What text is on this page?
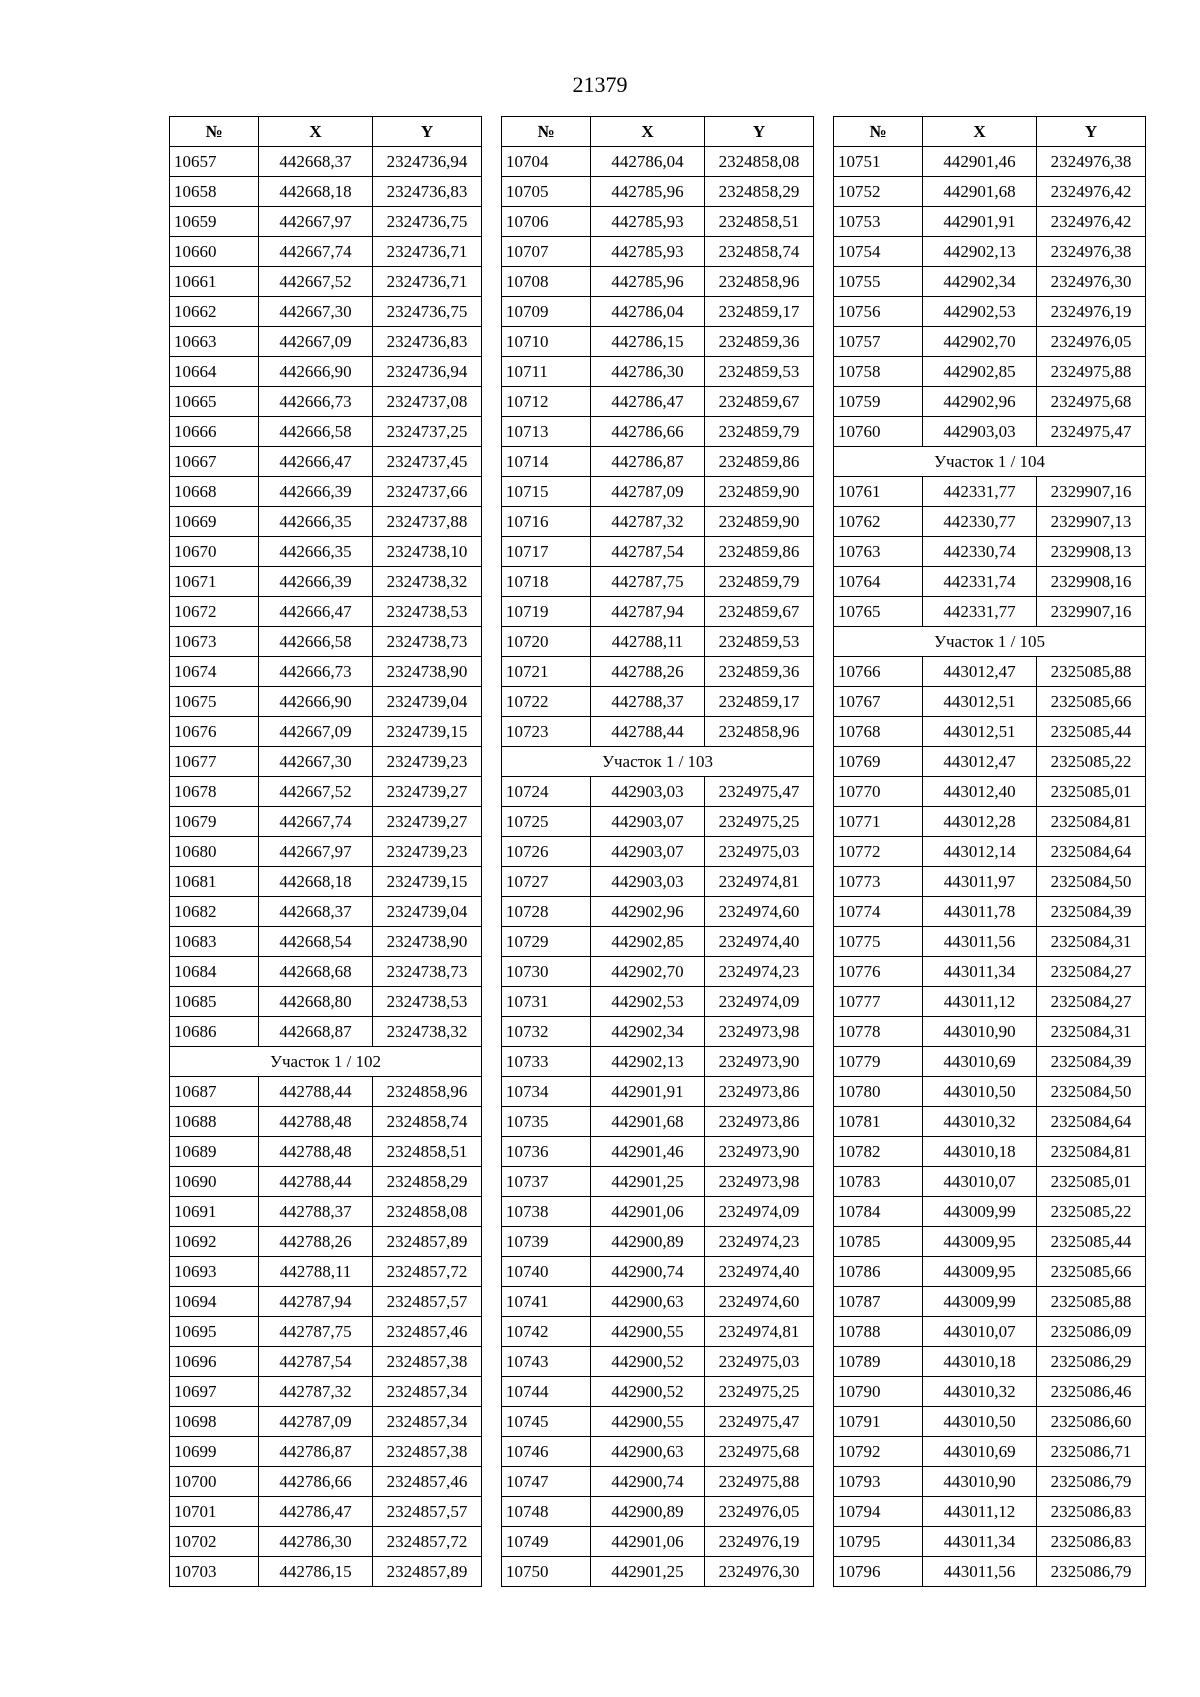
21379
№	X	Y
10657	442668,37	2324736,94
10658	442668,18	2324736,83
10659	442667,97	2324736,75
10660	442667,74	2324736,71
10661	442667,52	2324736,71
10662	442667,30	2324736,75
10663	442667,09	2324736,83
10664	442666,90	2324736,94
10665	442666,73	2324737,08
10666	442666,58	2324737,25
10667	442666,47	2324737,45
10668	442666,39	2324737,66
10669	442666,35	2324737,88
10670	442666,35	2324738,10
10671	442666,39	2324738,32
10672	442666,47	2324738,53
10673	442666,58	2324738,73
10674	442666,73	2324738,90
10675	442666,90	2324739,04
10676	442667,09	2324739,15
10677	442667,30	2324739,23
10678	442667,52	2324739,27
10679	442667,74	2324739,27
10680	442667,97	2324739,23
10681	442668,18	2324739,15
10682	442668,37	2324739,04
10683	442668,54	2324738,90
10684	442668,68	2324738,73
10685	442668,80	2324738,53
10686	442668,87	2324738,32
Участок 1 / 102		
10687	442788,44	2324858,96
10688	442788,48	2324858,74
10689	442788,48	2324858,51
10690	442788,44	2324858,29
10691	442788,37	2324858,08
10692	442788,26	2324857,89
10693	442788,11	2324857,72
10694	442787,94	2324857,57
10695	442787,75	2324857,46
10696	442787,54	2324857,38
10697	442787,32	2324857,34
10698	442787,09	2324857,34
10699	442786,87	2324857,38
10700	442786,66	2324857,46
10701	442786,47	2324857,57
10702	442786,30	2324857,72
10703	442786,15	2324857,89
№	X	Y
10704	442786,04	2324858,08
10705	442785,96	2324858,29
10706	442785,93	2324858,51
10707	442785,93	2324858,74
10708	442785,96	2324858,96
10709	442786,04	2324859,17
10710	442786,15	2324859,36
10711	442786,30	2324859,53
10712	442786,47	2324859,67
10713	442786,66	2324859,79
10714	442786,87	2324859,86
10715	442787,09	2324859,90
10716	442787,32	2324859,90
10717	442787,54	2324859,86
10718	442787,75	2324859,79
10719	442787,94	2324859,67
10720	442788,11	2324859,53
10721	442788,26	2324859,36
10722	442788,37	2324859,17
10723	442788,44	2324858,96
Участок 1 / 103		
10724	442903,03	2324975,47
10725	442903,07	2324975,25
10726	442903,07	2324975,03
10727	442903,03	2324974,81
10728	442902,96	2324974,60
10729	442902,85	2324974,40
10730	442902,70	2324974,23
10731	442902,53	2324974,09
10732	442902,34	2324973,98
10733	442902,13	2324973,90
10734	442901,91	2324973,86
10735	442901,68	2324973,86
10736	442901,46	2324973,90
10737	442901,25	2324973,98
10738	442901,06	2324974,09
10739	442900,89	2324974,23
10740	442900,74	2324974,40
10741	442900,63	2324974,60
10742	442900,55	2324974,81
10743	442900,52	2324975,03
10744	442900,52	2324975,25
10745	442900,55	2324975,47
10746	442900,63	2324975,68
10747	442900,74	2324975,88
10748	442900,89	2324976,05
10749	442901,06	2324976,19
10750	442901,25	2324976,30
№	X	Y
10751	442901,46	2324976,38
10752	442901,68	2324976,42
10753	442901,91	2324976,42
10754	442902,13	2324976,38
10755	442902,34	2324976,30
10756	442902,53	2324976,19
10757	442902,70	2324976,05
10758	442902,85	2324975,88
10759	442902,96	2324975,68
10760	442903,03	2324975,47
Участок 1 / 104		
10761	442331,77	2329907,16
10762	442330,77	2329907,13
10763	442330,74	2329908,13
10764	442331,74	2329908,16
10765	442331,77	2329907,16
Участок 1 / 105		
10766	443012,47	2325085,88
10767	443012,51	2325085,66
10768	443012,51	2325085,44
10769	443012,47	2325085,22
10770	443012,40	2325085,01
10771	443012,28	2325084,81
10772	443012,14	2325084,64
10773	443011,97	2325084,50
10774	443011,78	2325084,39
10775	443011,56	2325084,31
10776	443011,34	2325084,27
10777	443011,12	2325084,27
10778	443010,90	2325084,31
10779	443010,69	2325084,39
10780	443010,50	2325084,50
10781	443010,32	2325084,64
10782	443010,18	2325084,81
10783	443010,07	2325085,01
10784	443009,99	2325085,22
10785	443009,95	2325085,44
10786	443009,95	2325085,66
10787	443009,99	2325085,88
10788	443010,07	2325086,09
10789	443010,18	2325086,29
10790	443010,32	2325086,46
10791	443010,50	2325086,60
10792	443010,69	2325086,71
10793	443010,90	2325086,79
10794	443011,12	2325086,83
10795	443011,34	2325086,83
10796	443011,56	2325086,79
